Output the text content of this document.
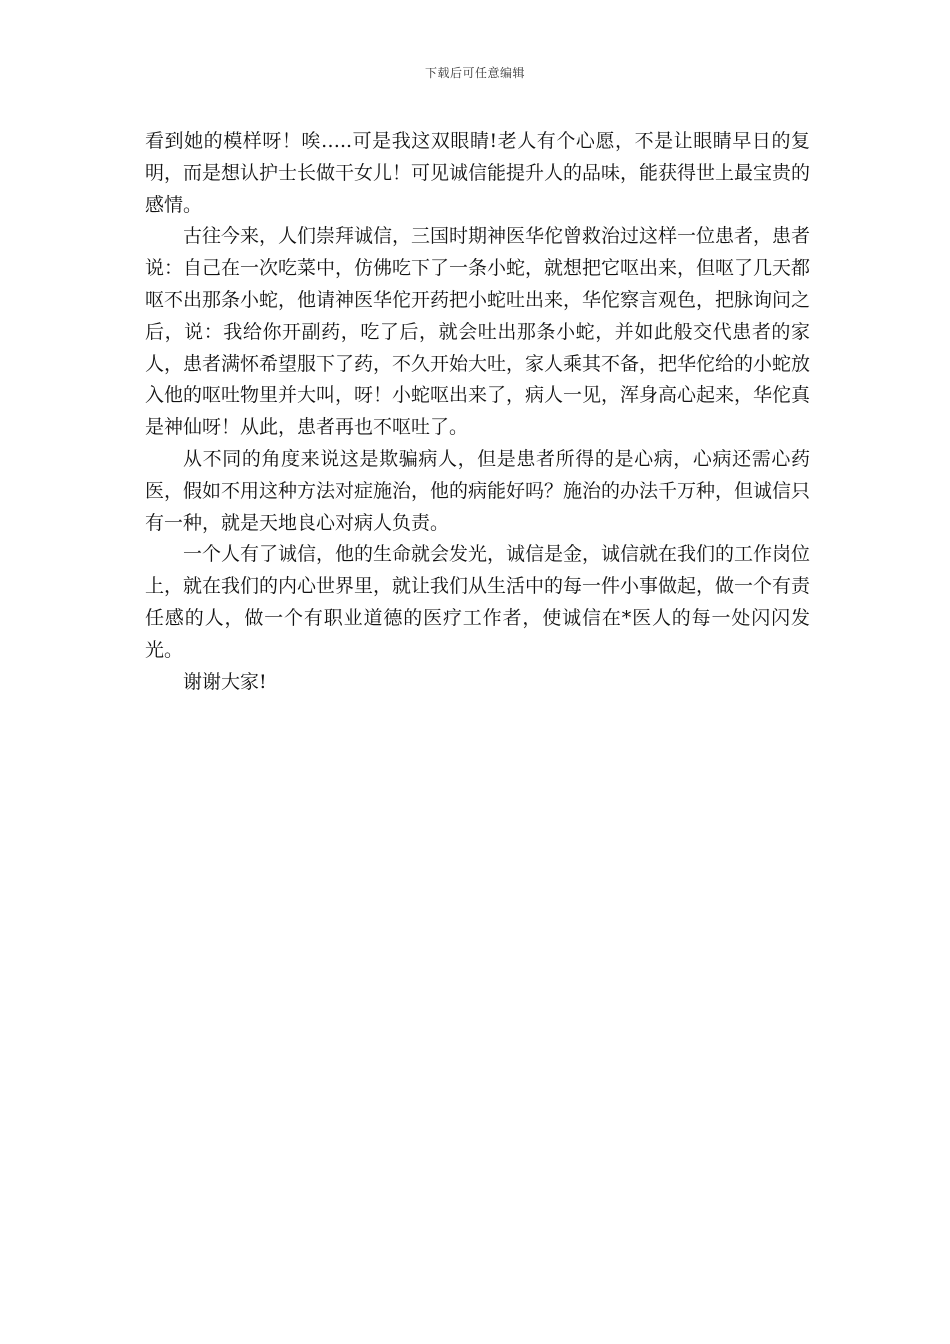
下载后可任意编辑

看到她的模样呀！唉…..可是我这双眼睛!老人有个心愿，不是让眼睛早日的复明，而是想认护士长做干女儿！可见诚信能提升人的品味，能获得世上最宝贵的感情。

古往今来，人们崇拜诚信，三国时期神医华佗曾救治过这样一位患者，患者说：自己在一次吃菜中，仿佛吃下了一条小蛇，就想把它呕出来，但呕了几天都呕不出那条小蛇，他请神医华佗开药把小蛇吐出来，华佗察言观色，把脉询问之后，说：我给你开副药，吃了后，就会吐出那条小蛇，并如此般交代患者的家人，患者满怀希望服下了药，不久开始大吐，家人乘其不备，把华佗给的小蛇放入他的呕吐物里并大叫，呀！小蛇呕出来了，病人一见，浑身高心起来，华佗真是神仙呀！从此，患者再也不呕吐了。

从不同的角度来说这是欺骗病人，但是患者所得的是心病，心病还需心药医，假如不用这种方法对症施治，他的病能好吗？施治的办法千万种，但诚信只有一种，就是天地良心对病人负责。

一个人有了诚信，他的生命就会发光，诚信是金，诚信就在我们的工作岗位上，就在我们的内心世界里，就让我们从生活中的每一件小事做起，做一个有责任感的人，做一个有职业道德的医疗工作者，使诚信在*医人的每一处闪闪发光。

谢谢大家!
